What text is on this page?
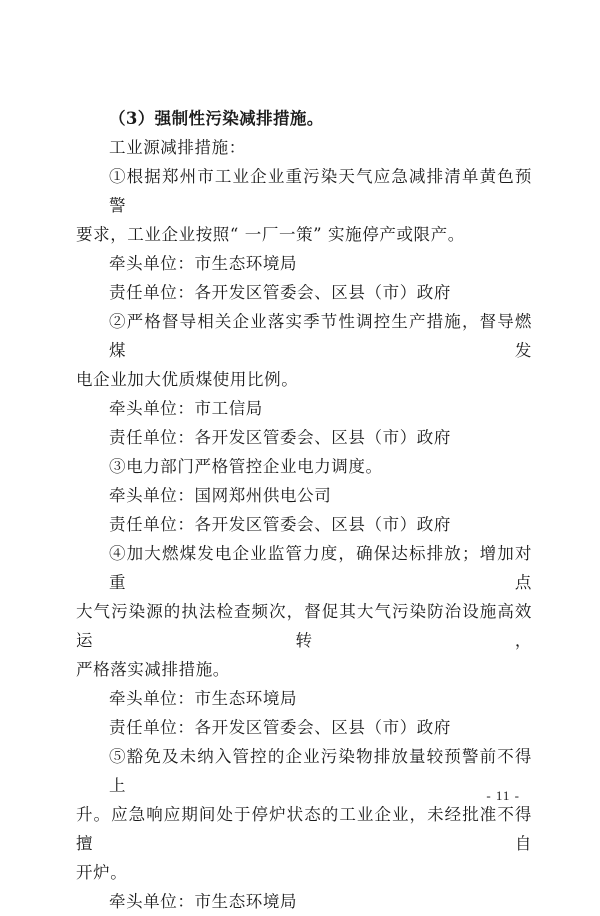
（3）强制性污染减排措施。

工业源减排措施：

①根据郑州市工业企业重污染天气应急减排清单黄色预警

要求，工业企业按照“ 一厂一策” 实施停产或限产。

牵头单位：市生态环境局

责任单位：各开发区管委会、区县（市）政府

②严格督导相关企业落实季节性调控生产措施，督导燃煤发

电企业加大优质煤使用比例。

牵头单位：市工信局

责任单位：各开发区管委会、区县（市）政府

③电力部门严格管控企业电力调度。

牵头单位：国网郑州供电公司

责任单位：各开发区管委会、区县（市）政府

④加大燃煤发电企业监管力度，确保达标排放；增加对重点

大气污染源的执法检查频次，督促其大气污染防治设施高效运转，

严格落实减排措施。

牵头单位：市生态环境局

责任单位：各开发区管委会、区县（市）政府

⑤豁免及未纳入管控的企业污染物排放量较预警前不得上

升。应急响应期间处于停炉状态的工业企业，未经批准不得擅自

开炉。

牵头单位：市生态环境局

- 11 -
